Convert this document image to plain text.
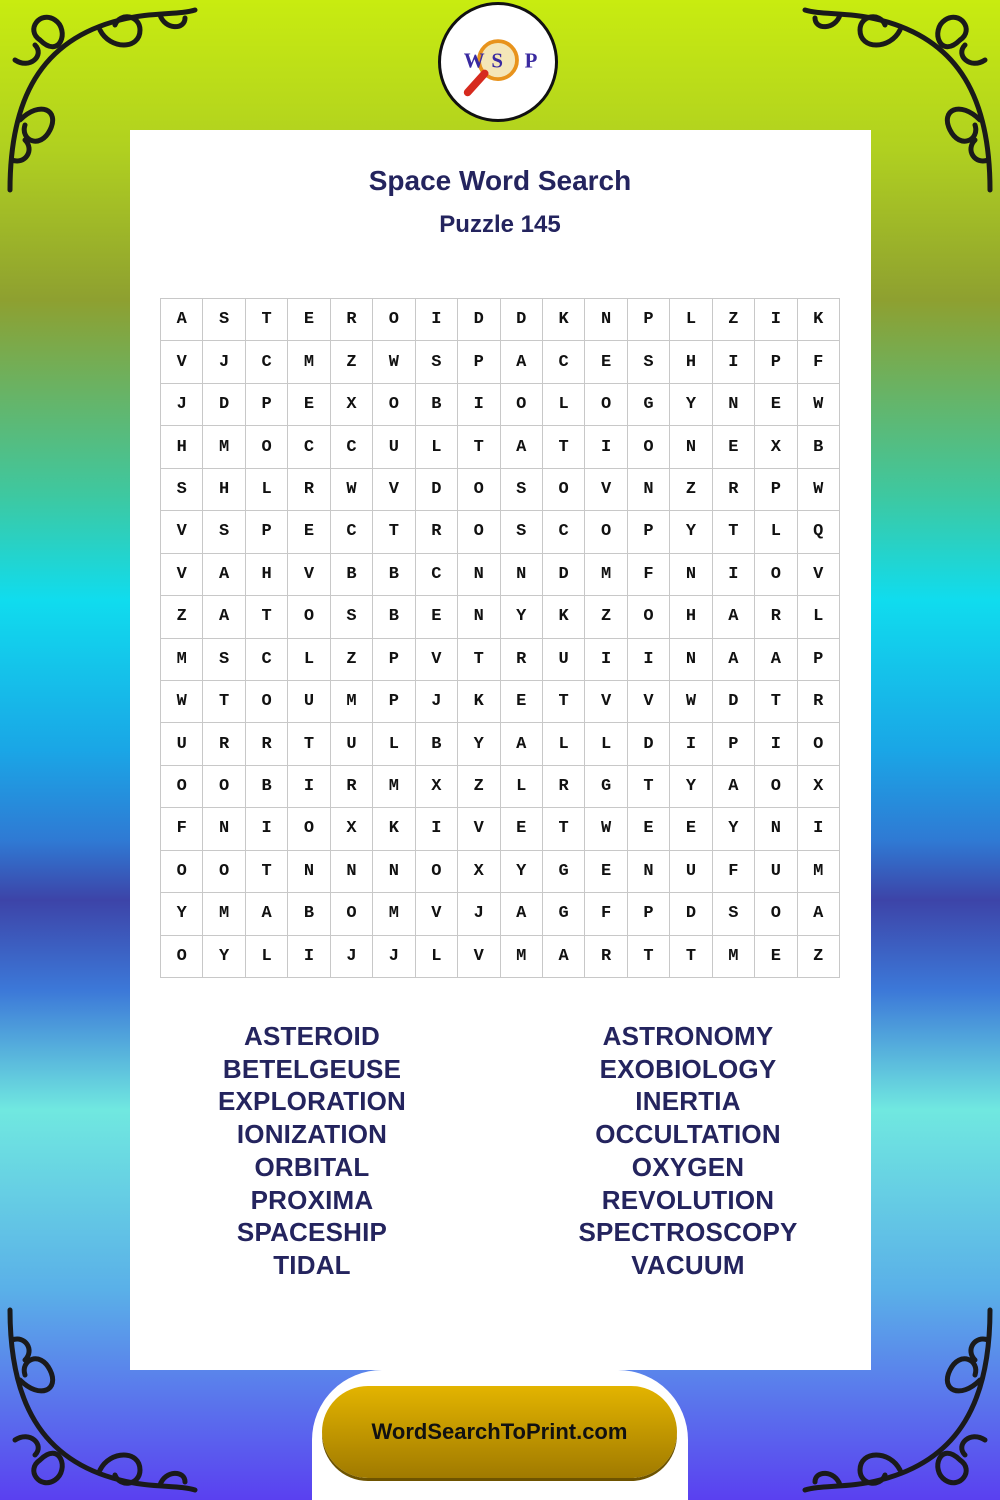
W S P
Space Word Search
Puzzle 145
A	S	T	E	R	O	I	D	D	K	N	P	L	Z	I	K
V	J	C	M	Z	W	S	P	A	C	E	S	H	I	P	F
J	D	P	E	X	O	B	I	O	L	O	G	Y	N	E	W
H	M	O	C	C	U	L	T	A	T	I	O	N	E	X	B
S	H	L	R	W	V	D	O	S	O	V	N	Z	R	P	W
V	S	P	E	C	T	R	O	S	C	O	P	Y	T	L	Q
V	A	H	V	B	B	C	N	N	D	M	F	N	I	O	V
Z	A	T	O	S	B	E	N	Y	K	Z	O	H	A	R	L
M	S	C	L	Z	P	V	T	R	U	I	I	N	A	A	P
W	T	O	U	M	P	J	K	E	T	V	V	W	D	T	R
U	R	R	T	U	L	B	Y	A	L	L	D	I	P	I	O
O	O	B	I	R	M	X	Z	L	R	G	T	Y	A	O	X
F	N	I	O	X	K	I	V	E	T	W	E	E	Y	N	I
O	O	T	N	N	N	O	X	Y	G	E	N	U	F	U	M
Y	M	A	B	O	M	V	J	A	G	F	P	D	S	O	A
O	Y	L	I	J	J	L	V	M	A	R	T	T	M	E	Z
ASTEROID
BETELGEUSE
EXPLORATION
IONIZATION
ORBITAL
PROXIMA
SPACESHIP
TIDAL
ASTRONOMY
EXOBIOLOGY
INERTIA
OCCULTATION
OXYGEN
REVOLUTION
SPECTROSCOPY
VACUUM
WordSearchToPrint.com
